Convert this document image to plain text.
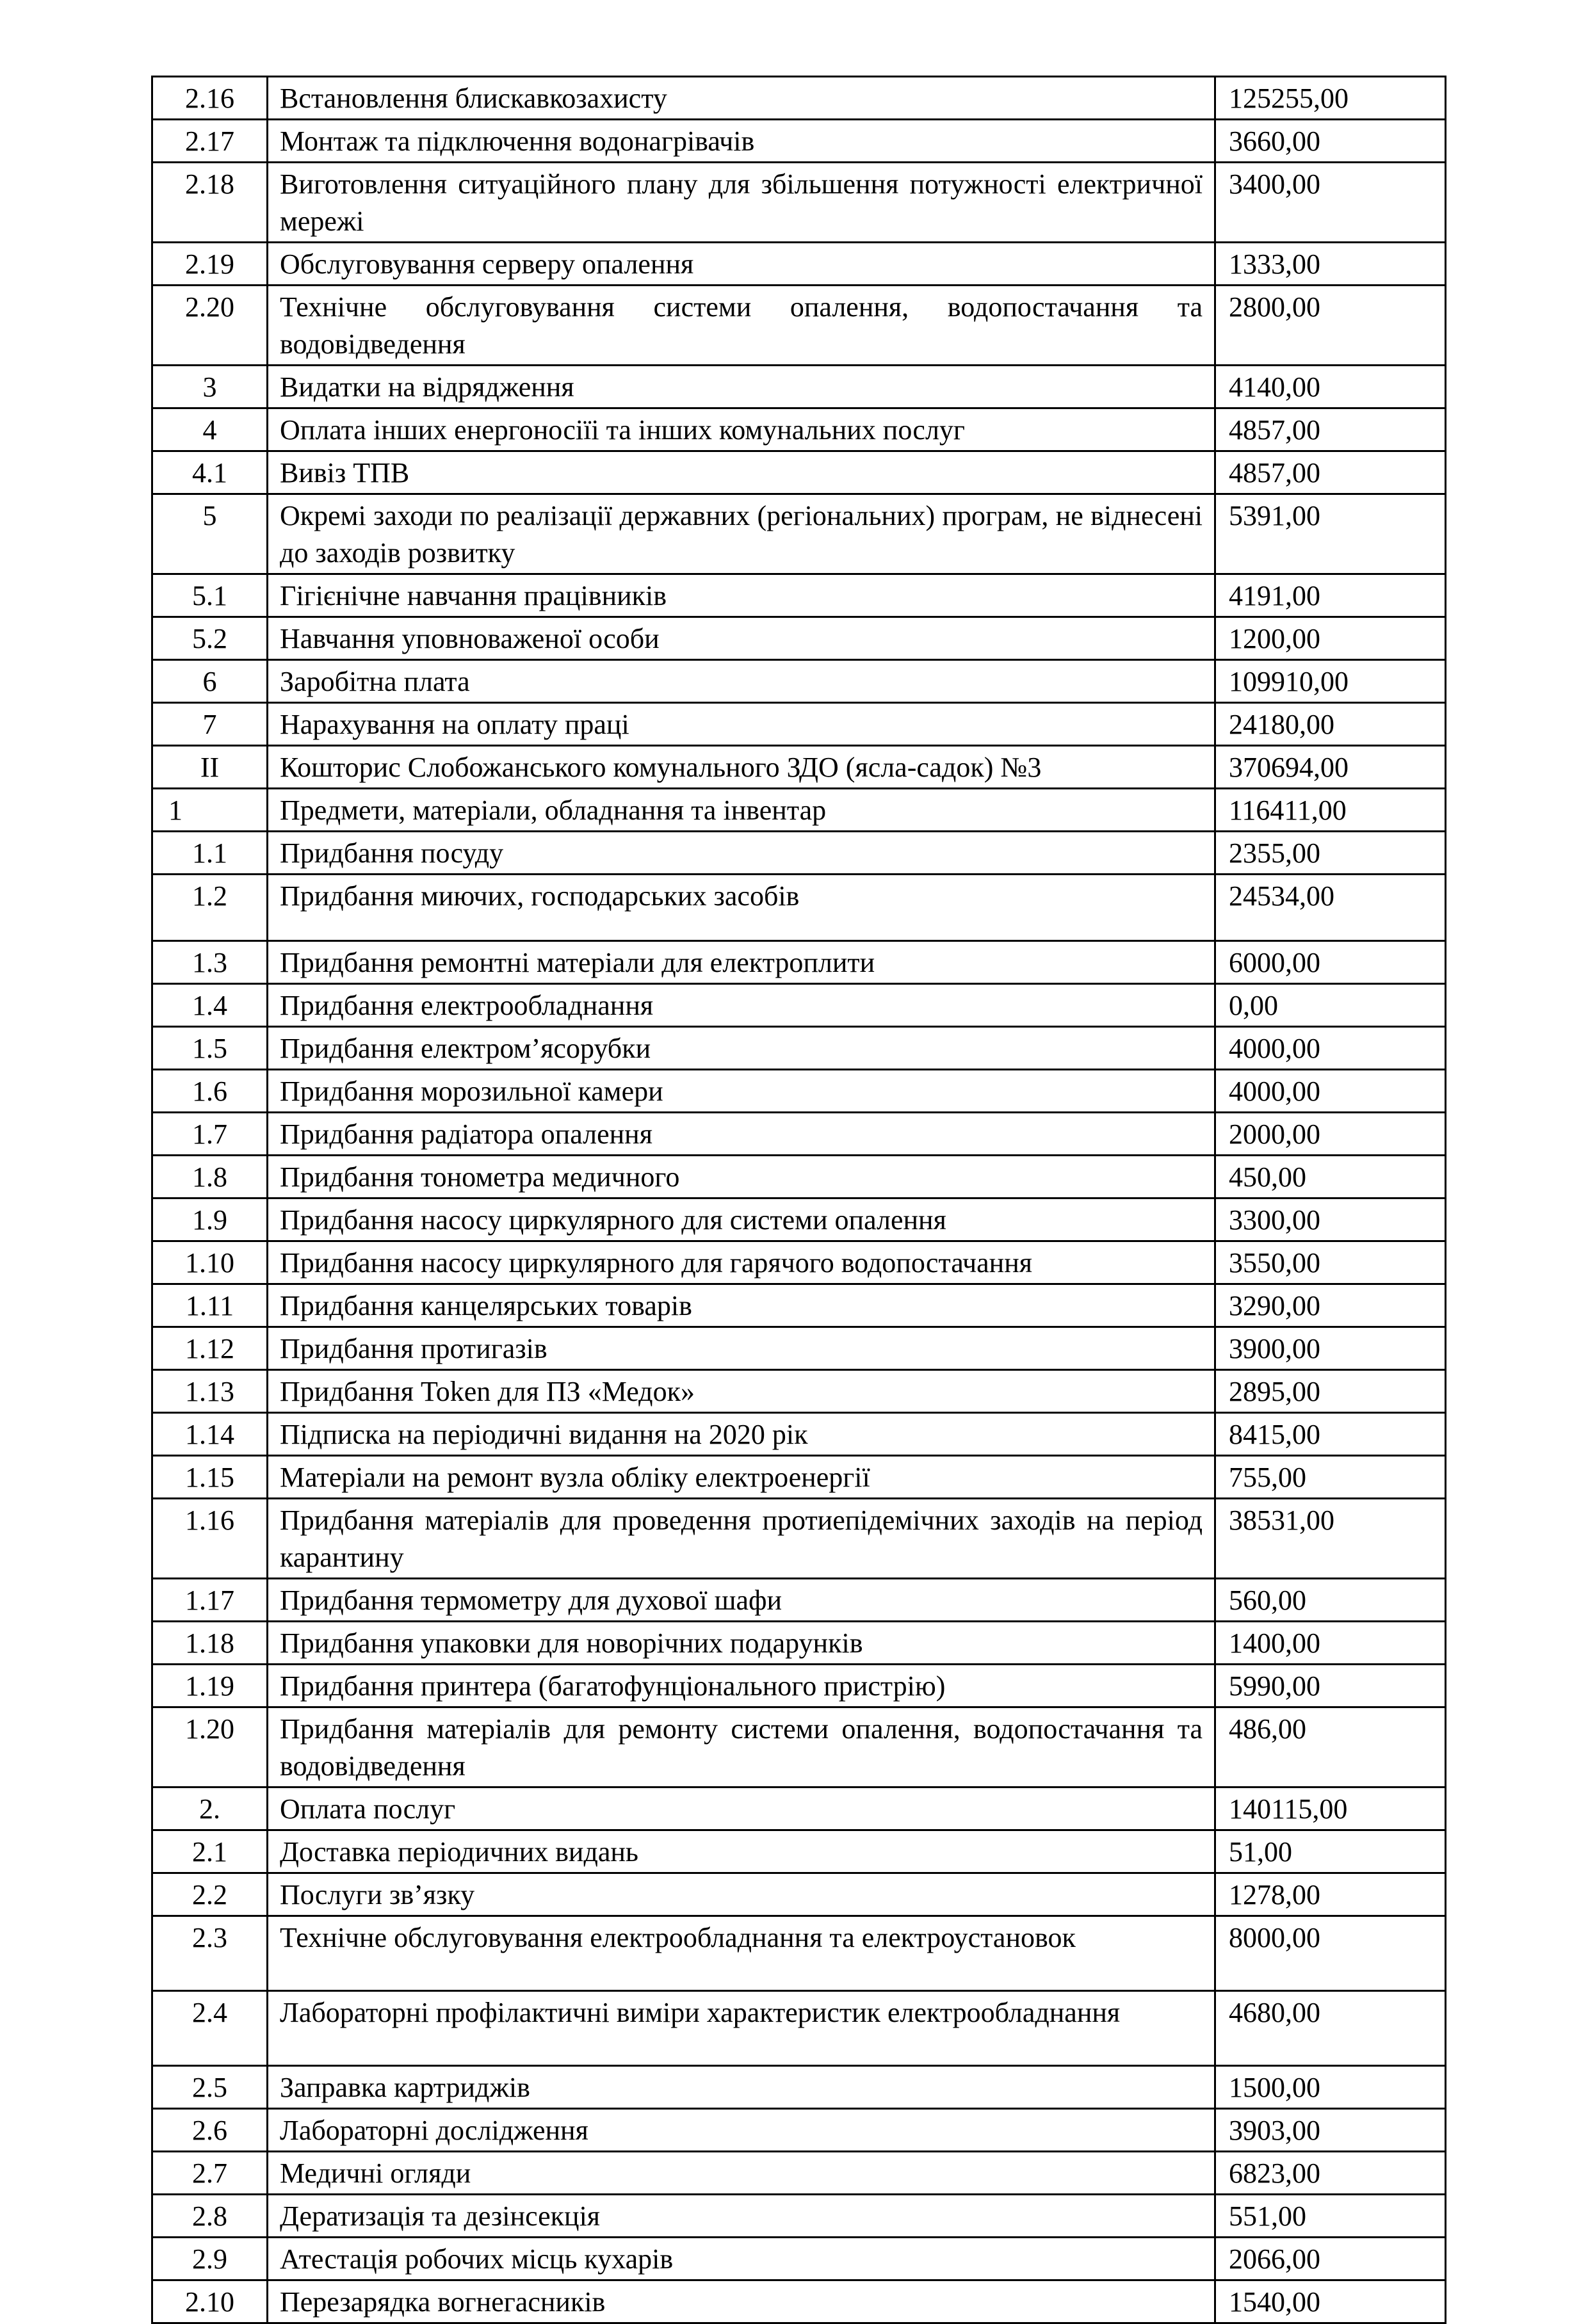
2.16	Встановлення блискавкозахисту	125255,00
2.17	Монтаж та підключення водонагрівачів	3660,00
2.18	Виготовлення ситуаційного плану для збільшення потужності електричної мережі	3400,00
2.19	Обслуговування серверу опалення	1333,00
2.20	Технічне обслуговування системи опалення, водопостачання та водовідведення	2800,00
3	Видатки на відрядження	4140,00
4	Оплата інших енергоносіїі та інших комунальних послуг	4857,00
4.1	Вивіз ТПВ	4857,00
5	Окремі заходи по реалізації державних (регіональних) програм, не віднесені до заходів розвитку	5391,00
5.1	Гігієнічне навчання працівників	4191,00
5.2	Навчання уповноваженої особи	1200,00
6	Заробітна плата	109910,00
7	Нарахування на оплату праці	24180,00
ІІ	Кошторис Слобожанського комунального ЗДО (ясла-садок) №3	370694,00
1	Предмети, матеріали, обладнання та інвентар	116411,00
1.1	Придбання посуду	2355,00
1.2	Придбання миючих, господарських засобів	24534,00
1.3	Придбання ремонтні матеріали для електроплити	6000,00
1.4	Придбання електрообладнання	0,00
1.5	Придбання електром’ясорубки	4000,00
1.6	Придбання морозильної камери	4000,00
1.7	Придбання радіатора опалення	2000,00
1.8	Придбання тонометра медичного	450,00
1.9	Придбання насосу циркулярного для системи опалення	3300,00
1.10	Придбання насосу циркулярного для гарячого водопостачання	3550,00
1.11	Придбання канцелярських товарів	3290,00
1.12	Придбання протигазів	3900,00
1.13	Придбання Token для ПЗ «Медок»	2895,00
1.14	Підписка на періодичні видання на 2020 рік	8415,00
1.15	Матеріали на ремонт вузла обліку електроенергії	755,00
1.16	Придбання матеріалів для проведення протиепідемічних заходів на період карантину	38531,00
1.17	Придбання термометру для духової шафи	560,00
1.18	Придбання упаковки для новорічних подарунків	1400,00
1.19	Придбання принтера (багатофунціонального пристрію)	5990,00
1.20	Придбання матеріалів для ремонту системи опалення, водопостачання та водовідведення	486,00
2.	Оплата послуг	140115,00
2.1	Доставка періодичних видань	51,00
2.2	Послуги зв’язку	1278,00
2.3	Технічне обслуговування електрообладнання та електроустановок	8000,00
2.4	Лабораторні профілактичні виміри характеристик електрообладнання	4680,00
2.5	Заправка картриджів	1500,00
2.6	Лабораторні дослідження	3903,00
2.7	Медичні огляди	6823,00
2.8	Дератизація та дезінсекція	551,00
2.9	Атестація робочих місць кухарів	2066,00
2.10	Перезарядка вогнегасників	1540,00
